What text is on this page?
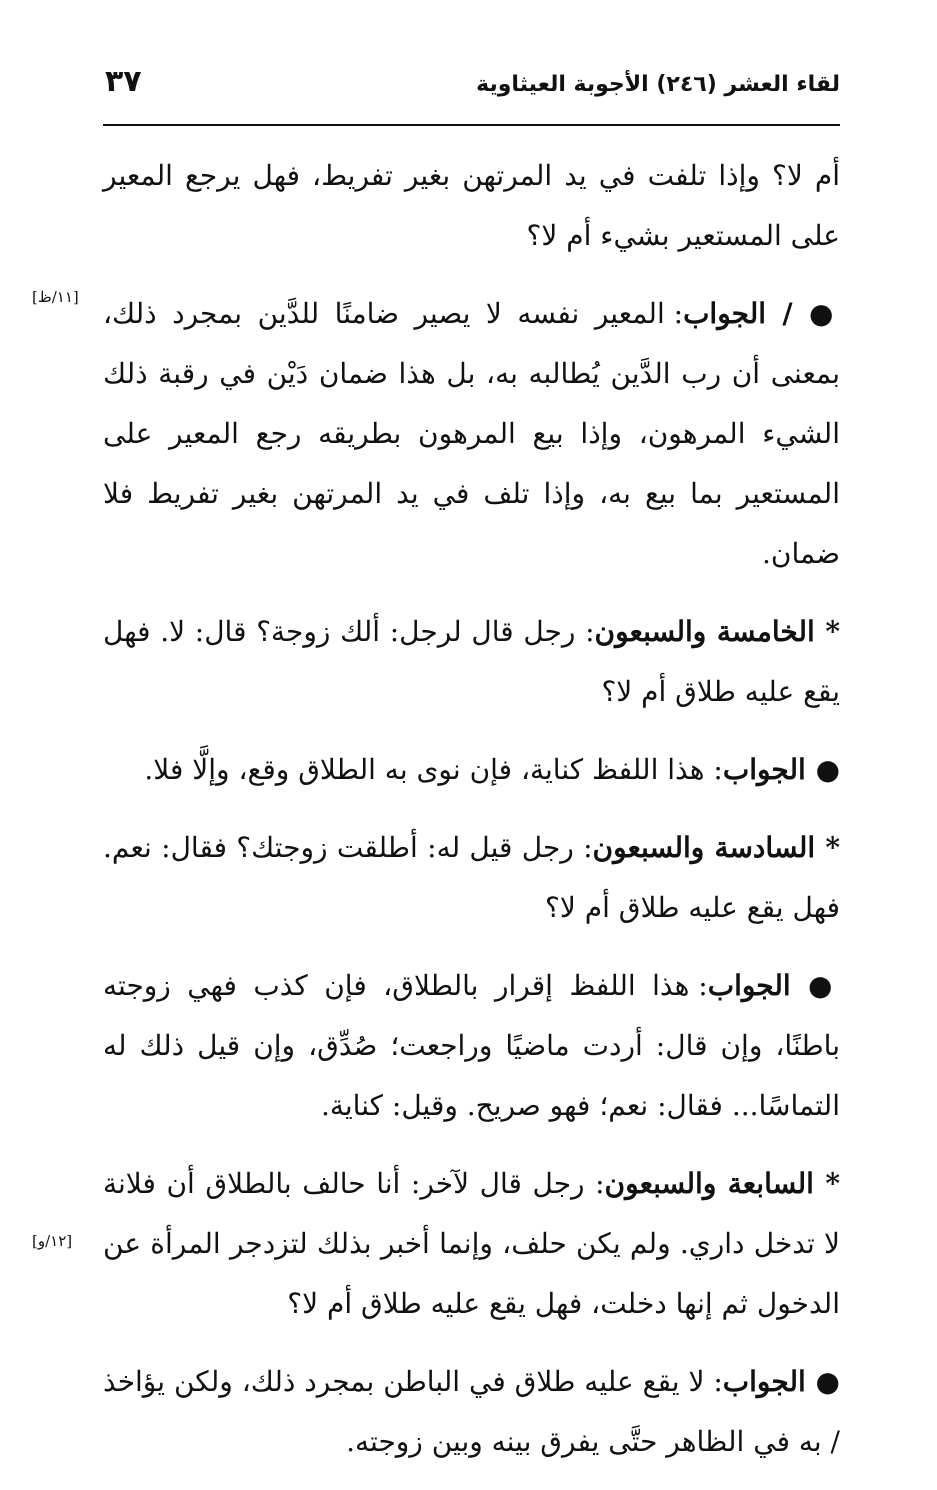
لقاء العشر (٢٤٦) الأجوبة العيثاوية
٣٧
[١١/ظ]
[١٢/و]

أم لا؟ وإذا تلفت في يد المرتهن بغير تفريط، فهل يرجع المعير على المستعير بشيء أم لا؟

● / الجواب: المعير نفسه لا يصير ضامنًا للدَّين بمجرد ذلك، بمعنى أن رب الدَّين يُطالبه به، بل هذا ضمان دَيْن في رقبة ذلك الشيء المرهون، وإذا بيع المرهون بطريقه رجع المعير على المستعير بما بيع به، وإذا تلف في يد المرتهن بغير تفريط فلا ضمان.

* الخامسة والسبعون: رجل قال لرجل: ألك زوجة؟ قال: لا. فهل يقع عليه طلاق أم لا؟

● الجواب: هذا اللفظ كناية، فإن نوى به الطلاق وقع، وإلَّا فلا.

* السادسة والسبعون: رجل قيل له: أطلقت زوجتك؟ فقال: نعم. فهل يقع عليه طلاق أم لا؟

● الجواب: هذا اللفظ إقرار بالطلاق، فإن كذب فهي زوجته باطنًا، وإن قال: أردت ماضيًا وراجعت؛ صُدِّق، وإن قيل ذلك له التماسًا... فقال: نعم؛ فهو صريح. وقيل: كناية.

* السابعة والسبعون: رجل قال لآخر: أنا حالف بالطلاق أن فلانة لا تدخل داري. ولم يكن حلف، وإنما أخبر بذلك لتزدجر المرأة عن الدخول ثم إنها دخلت، فهل يقع عليه طلاق أم لا؟

● الجواب: لا يقع عليه طلاق في الباطن بمجرد ذلك، ولكن يؤاخذ / به في الظاهر حتَّى يفرق بينه وبين زوجته.
